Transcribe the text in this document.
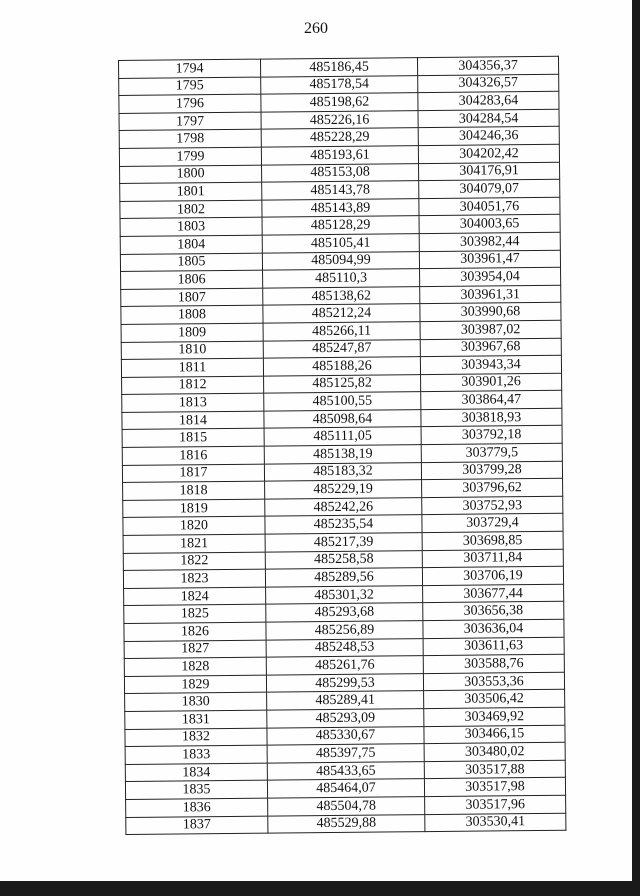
260
1794	485186,45	304356,37
1795	485178,54	304326,57
1796	485198,62	304283,64
1797	485226,16	304284,54
1798	485228,29	304246,36
1799	485193,61	304202,42
1800	485153,08	304176,91
1801	485143,78	304079,07
1802	485143,89	304051,76
1803	485128,29	304003,65
1804	485105,41	303982,44
1805	485094,99	303961,47
1806	485110,3	303954,04
1807	485138,62	303961,31
1808	485212,24	303990,68
1809	485266,11	303987,02
1810	485247,87	303967,68
1811	485188,26	303943,34
1812	485125,82	303901,26
1813	485100,55	303864,47
1814	485098,64	303818,93
1815	485111,05	303792,18
1816	485138,19	303779,5
1817	485183,32	303799,28
1818	485229,19	303796,62
1819	485242,26	303752,93
1820	485235,54	303729,4
1821	485217,39	303698,85
1822	485258,58	303711,84
1823	485289,56	303706,19
1824	485301,32	303677,44
1825	485293,68	303656,38
1826	485256,89	303636,04
1827	485248,53	303611,63
1828	485261,76	303588,76
1829	485299,53	303553,36
1830	485289,41	303506,42
1831	485293,09	303469,92
1832	485330,67	303466,15
1833	485397,75	303480,02
1834	485433,65	303517,88
1835	485464,07	303517,98
1836	485504,78	303517,96
1837	485529,88	303530,41
